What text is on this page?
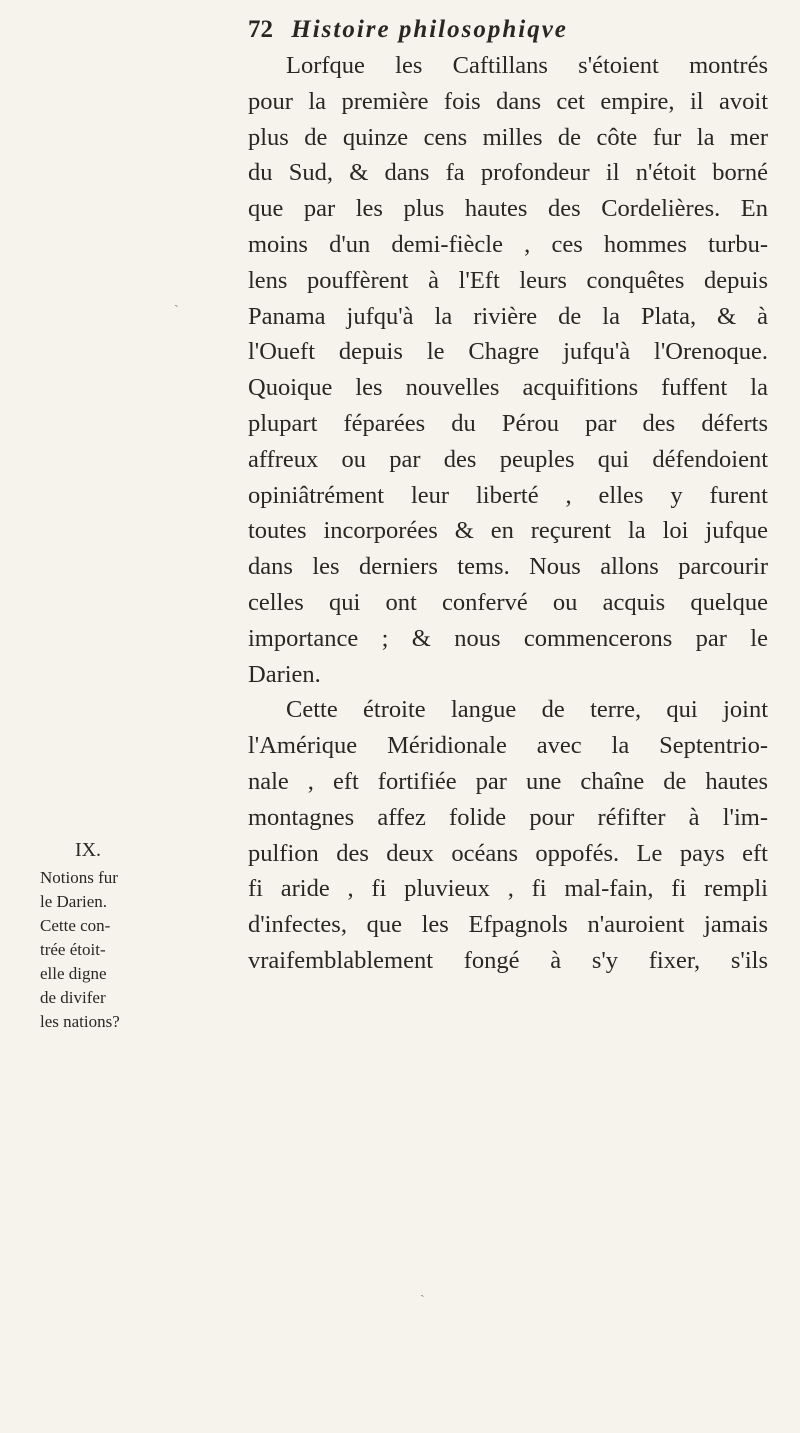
72 Histoire philosophiqve
Lorfque les Caftillans s'étoient montrés
pour la première fois dans cet empire, il avoit
plus de quinze cens milles de côte fur la mer
du Sud, & dans fa profondeur il n'étoit borné
que par les plus hautes des Cordelières. En
moins d'un demi-fiècle , ces hommes turbu-
lens pouffèrent à l'Eft leurs conquêtes depuis
Panama jufqu'à la rivière de la Plata, & à
l'Oueft depuis le Chagre jufqu'à l'Orenoque.
Quoique les nouvelles acquifitions fuffent la
plupart féparées du Pérou par des déferts
affreux ou par des peuples qui défendoient
opiniâtrément leur liberté , elles y furent
toutes incorporées & en reçurent la loi jufque
dans les derniers tems. Nous allons parcourir
celles qui ont confervé ou acquis quelque
importance ; & nous commencerons par le
Darien.
Cette étroite langue de terre, qui joint
l'Amérique Méridionale avec la Septentrio-
nale , eft fortifiée par une chaîne de hautes
montagnes affez folide pour réfifter à l'im-
pulfion des deux océans oppofés. Le pays eft
fi aride , fi pluvieux , fi mal-fain, fi rempli
d'infectes, que les Efpagnols n'auroient jamais
vraifemblablement fongé à s'y fixer, s'ils
IX.
Notions fur
le Darien.
Cette con-
trée étoit-
elle digne
de divifer
les nations?
ˎ
ˎ
